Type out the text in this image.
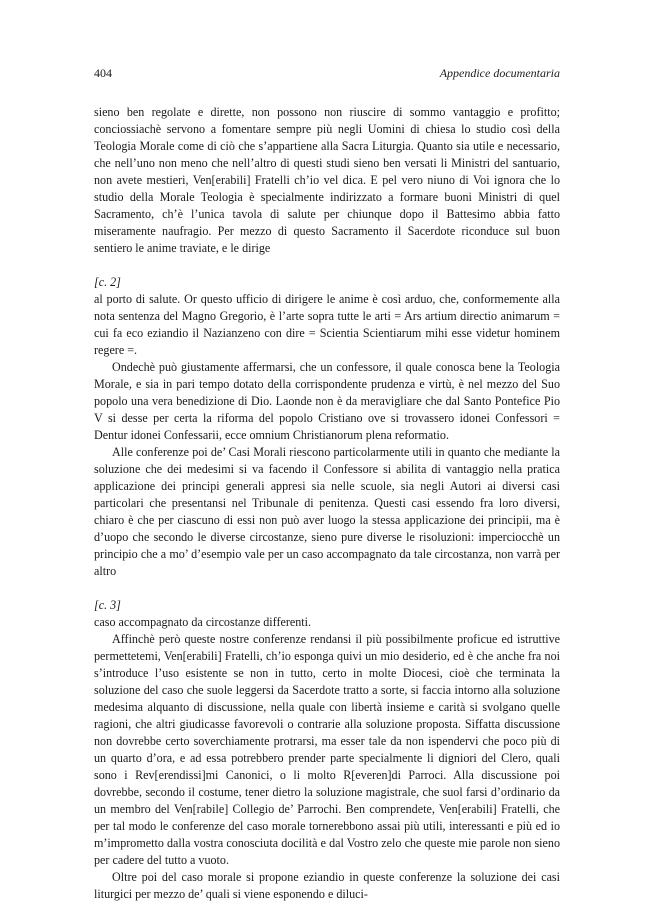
404	Appendice documentaria

sieno ben regolate e dirette, non possono non riuscire di sommo vantaggio e profitto; conciossiachè servono a fomentare sempre più negli Uomini di chiesa lo studio così della Teologia Morale come di ciò che s’appartiene alla Sacra Liturgia. Quanto sia utile e necessario, che nell’uno non meno che nell’altro di questi studi sieno ben versati li Ministri del santuario, non avete mestieri, Ven[erabili] Fratelli ch’io vel dica. E pel vero niuno di Voi ignora che lo studio della Morale Teologia è specialmente indirizzato a formare buoni Ministri di quel Sacramento, ch’è l’unica tavola di salute per chiunque dopo il Battesimo abbia fatto miseramente naufragio. Per mezzo di questo Sacramento il Sacerdote riconduce sul buon sentiero le anime traviate, e le dirige

[c. 2]

al porto di salute. Or questo ufficio di dirigere le anime è così arduo, che, conformemente alla nota sentenza del Magno Gregorio, è l’arte sopra tutte le arti = Ars artium directio animarum = cui fa eco eziandio il Nazianzeno con dire = Scientia Scientiarum mihi esse videtur hominem regere =.

Ondechè può giustamente affermarsi, che un confessore, il quale conosca bene la Teologia Morale, e sia in pari tempo dotato della corrispondente prudenza e virtù, è nel mezzo del Suo popolo una vera benedizione di Dio. Laonde non è da meravigliare che dal Santo Pontefice Pio V si desse per certa la riforma del popolo Cristiano ove si trovassero idonei Confessori = Dentur idonei Confessarii, ecce omnium Christianorum plena reformatio.

Alle conferenze poi de’ Casi Morali riescono particolarmente utili in quanto che mediante la soluzione che dei medesimi si va facendo il Confessore si abilita di vantaggio nella pratica applicazione dei principi generali appresi sia nelle scuole, sia negli Autori ai diversi casi particolari che presentansi nel Tribunale di penitenza. Questi casi essendo fra loro diversi, chiaro è che per ciascuno di essi non può aver luogo la stessa applicazione dei principii, ma è d’uopo che secondo le diverse circostanze, sieno pure diverse le risoluzioni: imperciocchè un principio che a mo’ d’esempio vale per un caso accompagnato da tale circostanza, non varrà per altro

[c. 3]

caso accompagnato da circostanze differenti.

Affinchè però queste nostre conferenze rendansi il più possibilmente proficue ed istruttive permettetemi, Ven[erabili] Fratelli, ch’io esponga quivi un mio desiderio, ed è che anche fra noi s’introduce l’uso esistente se non in tutto, certo in molte Diocesi, cioè che terminata la soluzione del caso che suole leggersi da Sacerdote tratto a sorte, si faccia intorno alla soluzione medesima alquanto di discussione, nella quale con libertà insieme e carità si svolgano quelle ragioni, che altri giudicasse favorevoli o contrarie alla soluzione proposta. Siffatta discussione non dovrebbe certo soverchiamente protrarsi, ma esser tale da non ispendervi che poco più di un quarto d’ora, e ad essa potrebbero prender parte specialmente li digniori del Clero, quali sono i Rev[erendissi]mi Canonici, o li molto R[everen]di Parroci. Alla discussione poi dovrebbe, secondo il costume, tener dietro la soluzione magistrale, che suol farsi d’ordinario da un membro del Ven[rabile] Collegio de’ Parrochi. Ben comprendete, Ven[erabili] Fratelli, che per tal modo le conferenze del caso morale tornerebbono assai più utili, interessanti e più ed io m’imprometto dalla vostra conosciuta docilità e dal Vostro zelo che queste mie parole non sieno per cadere del tutto a vuoto.

Oltre poi del caso morale si propone eziandio in queste conferenze la soluzione dei casi liturgici per mezzo de’ quali si viene esponendo e diluci-
